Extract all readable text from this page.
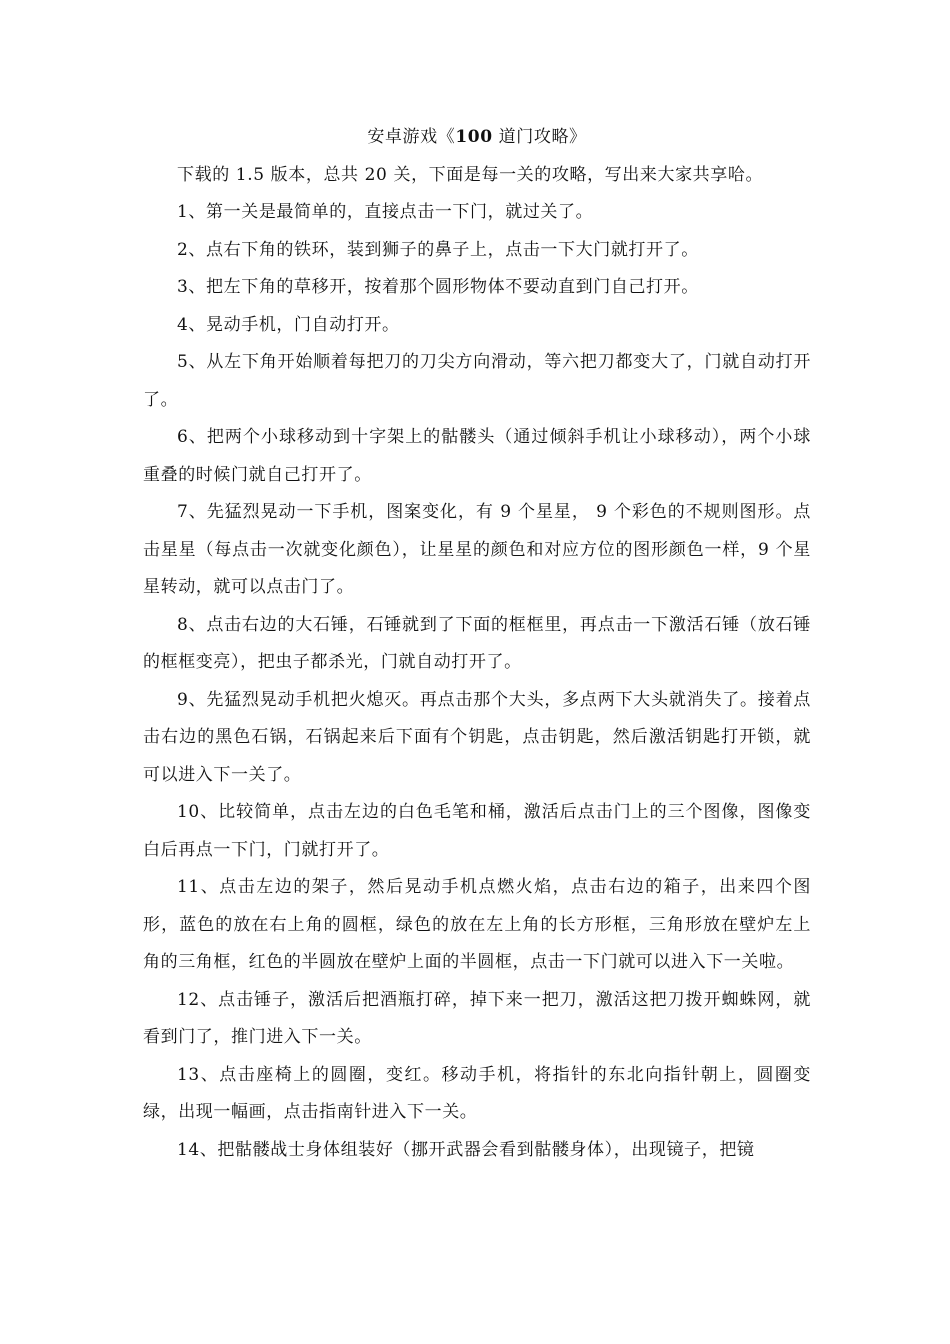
安卓游戏《100 道门攻略》

下载的 1.5 版本，总共 20 关，下面是每一关的攻略，写出来大家共享哈。

1、第一关是最简单的，直接点击一下门，就过关了。

2、点右下角的铁环，装到狮子的鼻子上，点击一下大门就打开了。

3、把左下角的草移开，按着那个圆形物体不要动直到门自己打开。

4、晃动手机，门自动打开。

5、从左下角开始顺着每把刀的刀尖方向滑动，等六把刀都变大了，门就自动打开了。

6、把两个小球移动到十字架上的骷髅头（通过倾斜手机让小球移动），两个小球重叠的时候门就自己打开了。

7、先猛烈晃动一下手机，图案变化，有 9 个星星， 9 个彩色的不规则图形。点击星星（每点击一次就变化颜色），让星星的颜色和对应方位的图形颜色一样，9 个星星转动，就可以点击门了。

8、点击右边的大石锤，石锤就到了下面的框框里，再点击一下激活石锤（放石锤的框框变亮），把虫子都杀光，门就自动打开了。

9、先猛烈晃动手机把火熄灭。再点击那个大头，多点两下大头就消失了。接着点击右边的黑色石锅，石锅起来后下面有个钥匙，点击钥匙，然后激活钥匙打开锁，就可以进入下一关了。

10、比较简单，点击左边的白色毛笔和桶，激活后点击门上的三个图像，图像变白后再点一下门，门就打开了。

11、点击左边的架子，然后晃动手机点燃火焰，点击右边的箱子，出来四个图形，蓝色的放在右上角的圆框，绿色的放在左上角的长方形框，三角形放在壁炉左上角的三角框，红色的半圆放在壁炉上面的半圆框，点击一下门就可以进入下一关啦。

12、点击锤子，激活后把酒瓶打碎，掉下来一把刀，激活这把刀拨开蜘蛛网，就看到门了，推门进入下一关。

13、点击座椅上的圆圈，变红。移动手机，将指针的东北向指针朝上，圆圈变绿，出现一幅画，点击指南针进入下一关。

14、把骷髅战士身体组装好（挪开武器会看到骷髅身体），出现镜子，把镜
